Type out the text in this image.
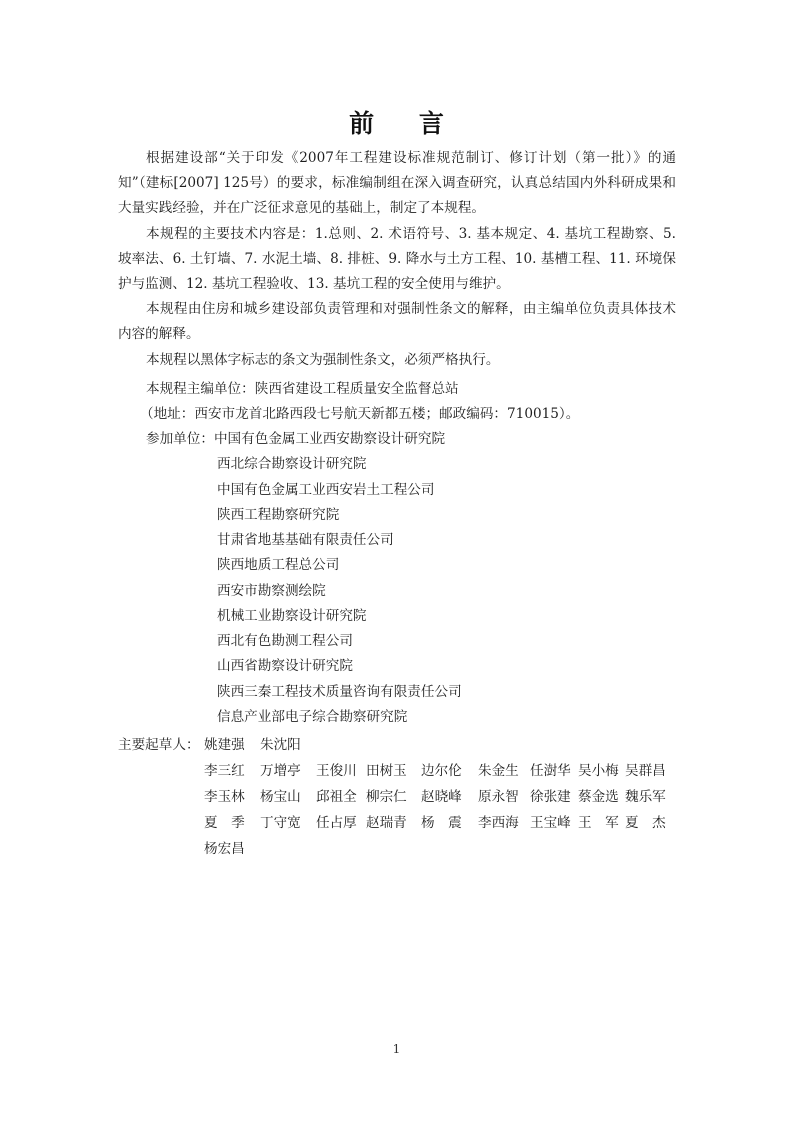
前 言
根据建设部“关于印发《2007年工程建设标准规范制订、修订计划（第一批）》的通知”（建标[2007] 125号）的要求，标准编制组在深入调查研究，认真总结国内外科研成果和大量实践经验，并在广泛征求意见的基础上，制定了本规程。
本规程的主要技术内容是：1.总则、2. 术语符号、3. 基本规定、4. 基坑工程勘察、5. 坡率法、6. 土钉墙、7. 水泥土墙、8. 排桩、9. 降水与土方工程、10. 基槽工程、11. 环境保护与监测、12. 基坑工程验收、13. 基坑工程的安全使用与维护。
本规程由住房和城乡建设部负责管理和对强制性条文的解释，由主编单位负责具体技术内容的解释。
本规程以黑体字标志的条文为强制性条文，必须严格执行。
本规程主编单位：陕西省建设工程质量安全监督总站
（地址：西安市龙首北路西段七号航天新都五楼；邮政编码：710015）。
参加单位：中国有色金属工业西安勘察设计研究院
西北综合勘察设计研究院
中国有色金属工业西安岩土工程公司
陕西工程勘察研究院
甘肃省地基基础有限责任公司
陕西地质工程总公司
西安市勘察测绘院
机械工业勘察设计研究院
西北有色勘测工程公司
山西省勘察设计研究院
陕西三秦工程技术质量咨询有限责任公司
信息产业部电子综合勘察研究院
主要起草人： 姚建强 朱沈阳
李三红 万增亭 王俊川 田树玉 边尔伦 朱金生 任澍华 吴小梅 吴群昌
李玉林 杨宝山 邱祖全 柳宗仁 赵晓峰 原永智 徐张建 蔡金选 魏乐军
夏　季 丁守宽 任占厚 赵瑞青 杨　震 李西海 王宝峰 王　军 夏　杰
杨宏昌
1
